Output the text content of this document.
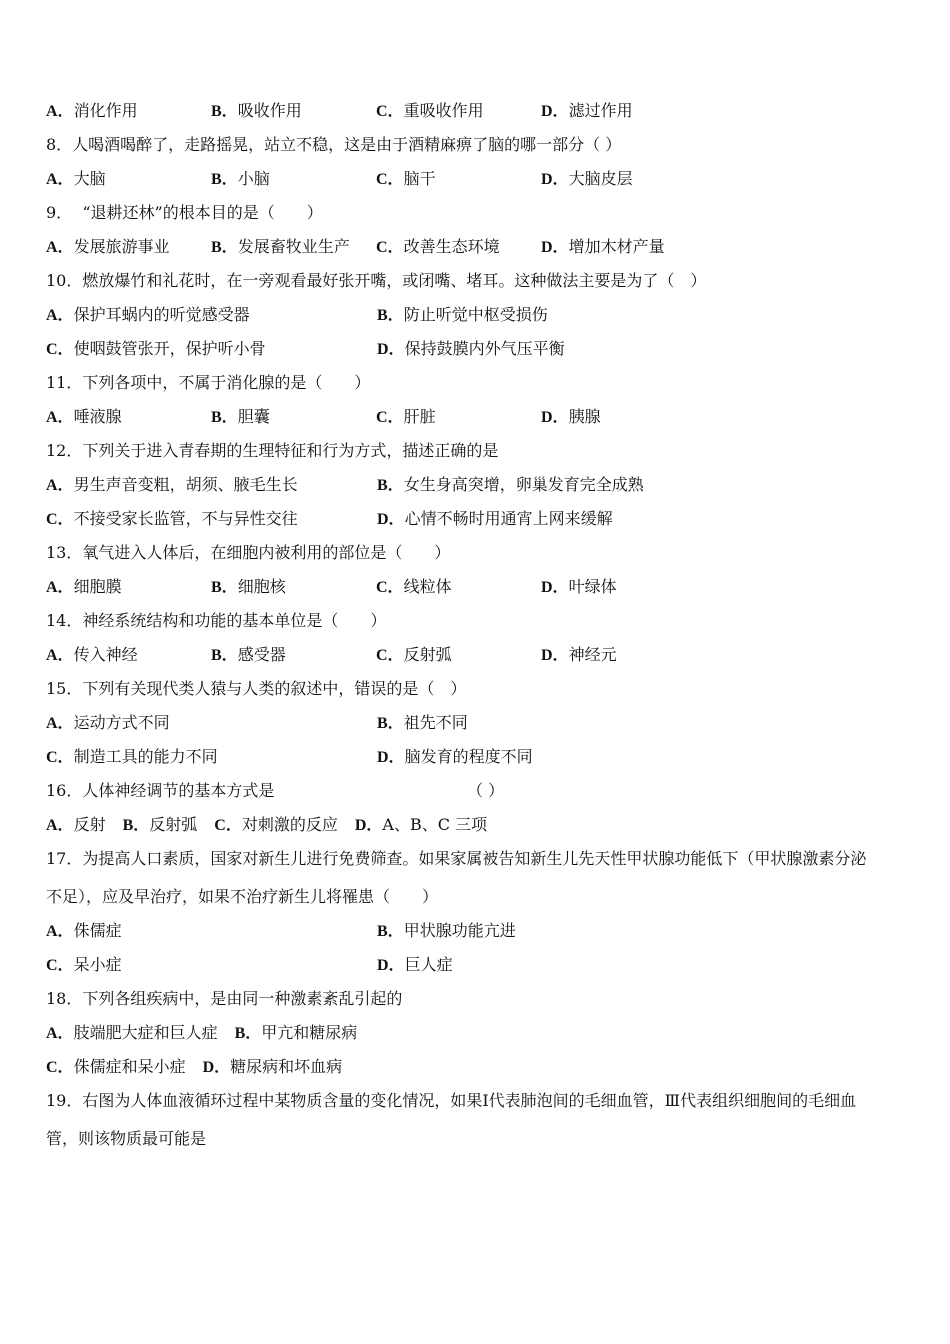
A．消化作用	B．吸收作用	C．重吸收作用	D．滤过作用
8．人喝酒喝醉了，走路摇晃，站立不稳，这是由于酒精麻痹了脑的哪一部分（ ）
A．大脑	B．小脑	C．脑干	D．大脑皮层
9．  “退耕还林”的根本目的是（　　）
A．发展旅游事业	B．发展畜牧业生产 C．改善生态环境	D．增加木材产量
10．燃放爆竹和礼花时，在一旁观看最好张开嘴，或闭嘴、堵耳。这种做法主要是为了（　）
A．保护耳蜗内的听觉感受器	B．防止听觉中枢受损伤
C．使咽鼓管张开，保护听小骨	D．保持鼓膜内外气压平衡
11．下列各项中，不属于消化腺的是（　　）
A．唾液腺	B．胆囊	C．肝脏	D．胰腺
12．下列关于进入青春期的生理特征和行为方式，描述正确的是
A．男生声音变粗，胡须、腋毛生长	B．女生身高突增，卵巢发育完全成熟
C．不接受家长监管，不与异性交往	D．心情不畅时用通宵上网来缓解
13．氧气进入人体后，在细胞内被利用的部位是（　　）
A．细胞膜	B．细胞核	C．线粒体	D．叶绿体
14．神经系统结构和功能的基本单位是（　　）
A．传入神经	B．感受器	C．反射弧	D．神经元
15．下列有关现代类人猿与人类的叙述中，错误的是（　）
A．运动方式不同	B．祖先不同
C．制造工具的能力不同	D．脑发育的程度不同
16．人体神经调节的基本方式是	（ ）
A．反射 B．反射弧 C．对刺激的反应 D．A、B、C 三项
17．为提高人口素质，国家对新生儿进行免费筛查。如果家属被告知新生儿先天性甲状腺功能低下（甲状腺激素分泌
不足），应及早治疗，如果不治疗新生儿将罹患（　　）
A．侏儒症	B．甲状腺功能亢进
C．呆小症	D．巨人症
18．下列各组疾病中，是由同一种激素紊乱引起的
A．肢端肥大症和巨人症 B．甲亢和糖尿病
C．侏儒症和呆小症 D．糖尿病和坏血病
19．右图为人体血液循环过程中某物质含量的变化情况，如果Ⅰ代表肺泡间的毛细血管，Ⅲ代表组织细胞间的毛细血
管，则该物质最可能是
